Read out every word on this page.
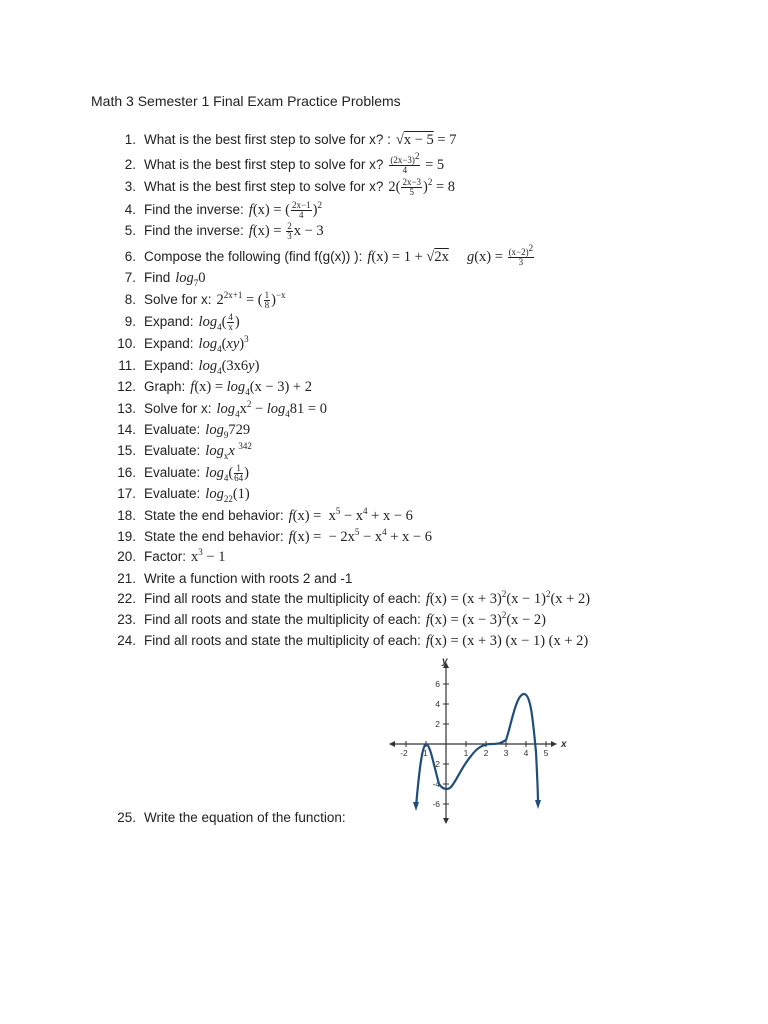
Math 3 Semester 1 Final Exam Practice Problems
1. What is the best first step to solve for x? : √x − 5 = 7
2. What is the best first step to solve for x? $\frac{(2x-3)^2}{4} = 5$
3. What is the best first step to solve for x? $2( \frac{2x-3}{5} )^2 = 8$
4. Find the inverse: f(x) = ( $\frac{2x-1}{4} )^2$
5. Find the inverse: $f(x) = \frac{2}{3}$ x − 3
6. Compose the following (find f(g(x)) ): f(x) = 1 + √2x $g(x) = \frac{(x-2)^2}{3}$
7. Find $\log_70$
8. Solve for x: $2^{2x+1}$ = ( $\frac{1}{8} )^{-x}$
9. Expand: $\log_4( \frac{4}{x}$ )
10. Expand: $\log_4(xy)^3$
11. Expand: $\log_4(3x6y)$
12. Graph: $f(x) = \log_4(x - 3) + 2$
13. Solve for x: $\log_4x^2 - \log_481 = 0$
14. Evaluate: $\log_9729$
15. Evaluate: $\log_xx$ $^{342}$
16. Evaluate: $\log_4( \frac{1}{64}$ )
17. Evaluate: $\log_{22}(1)$
18. State the end behavior: $f(x) = x^5 - x^4 + x - 6$
19. State the end behavior: f(x) =  − $2x^5 - x^4 + x - 6$
20. Factor: $x^3 - 1$
21. Write a function with roots 2 and -1
22. Find all roots and state the multiplicity of each: $f(x) = (x + 3)^2(x - 1)^2(x + 2)$
23. Find all roots and state the multiplicity of each: $f(x) = (x - 3)^2(x - 2)$
24. Find all roots and state the multiplicity of each: f(x) = (x + 3) (x − 1) (x + 2)
25. Write the equation of the function:
y
x
-2 -1	1 2 3 4 5
6
4
2
-2
-4
-6
